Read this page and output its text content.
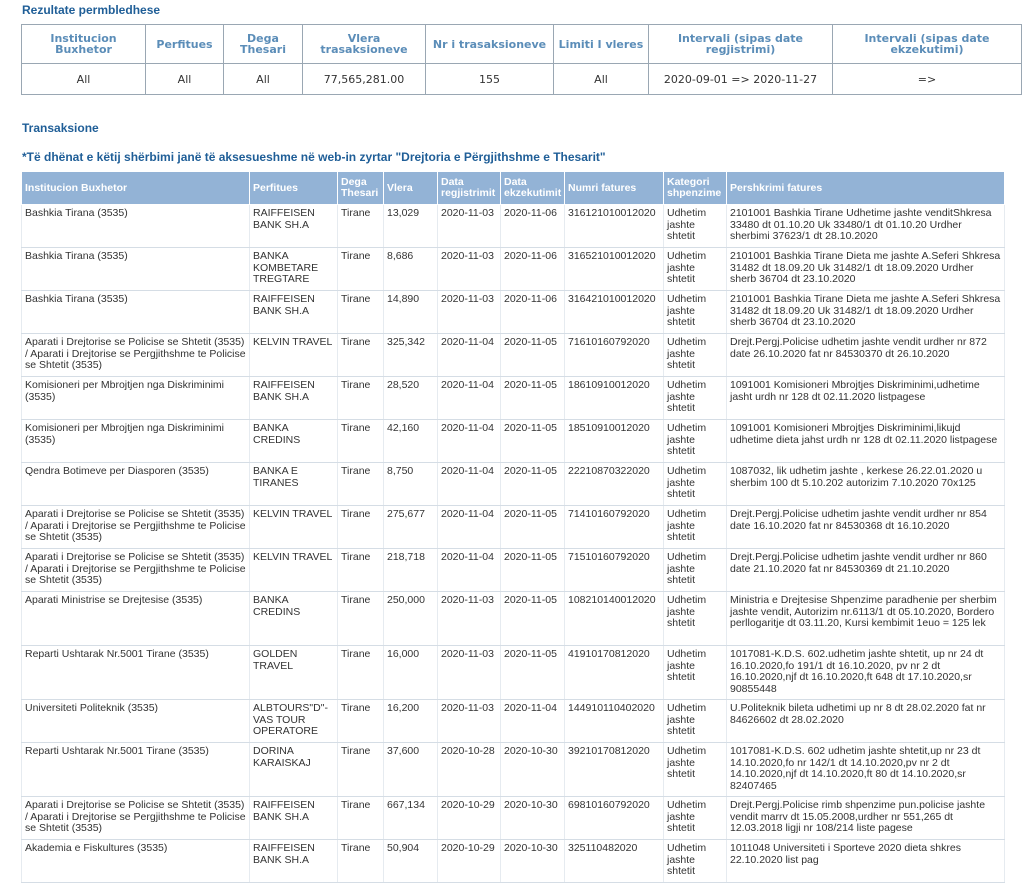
Rezultate permbledhese
Institucion Buxhetor	Perfitues	Dega Thesari	Vlera trasaksioneve	Nr i trasaksioneve	Limiti I vleres	Intervali (sipas date regjistrimi)	Intervali (sipas date ekzekutimi)
All	All	All	77,565,281.00	155	All	2020-09-01 => 2020-11-27	=>
Transaksione
*Të dhënat e këtij shërbimi janë të aksesueshme në web-in zyrtar "Drejtoria e Përgjithshme e Thesarit"
Institucion Buxhetor	Perfitues	Dega Thesari	Vlera	Data regjistrimit	Data ekzekutimit	Numri fatures	Kategori shpenzime	Pershkrimi fatures
Bashkia Tirana (3535)	RAIFFEISEN BANK SH.A	Tirane	13,029	2020-11-03	2020-11-06	316121010012020	Udhetim jashte shtetit	2101001 Bashkia Tirane Udhetime jashte venditShkresa 33480 dt 01.10.20 Uk 33480/1 dt 01.10.20 Urdher sherbimi 37623/1 dt 28.10.2020
Bashkia Tirana (3535)	BANKA KOMBETARE TREGTARE	Tirane	8,686	2020-11-03	2020-11-06	316521010012020	Udhetim jashte shtetit	2101001 Bashkia Tirane Dieta me jashte A.Seferi Shkresa 31482 dt 18.09.20 Uk 31482/1 dt 18.09.2020 Urdher sherb 36704 dt 23.10.2020
Bashkia Tirana (3535)	RAIFFEISEN BANK SH.A	Tirane	14,890	2020-11-03	2020-11-06	316421010012020	Udhetim jashte shtetit	2101001 Bashkia Tirane Dieta me jashte A.Seferi Shkresa 31482 dt 18.09.20 Uk 31482/1 dt 18.09.2020 Urdher sherb 36704 dt 23.10.2020
Aparati i Drejtorise se Policise se Shtetit (3535) / Aparati i Drejtorise se Pergjithshme te Policise se Shtetit (3535)	KELVIN TRAVEL	Tirane	325,342	2020-11-04	2020-11-05	71610160792020	Udhetim jashte shtetit	Drejt.Pergj.Policise udhetim jashte vendit urdher nr 872 date 26.10.2020 fat nr 84530370 dt 26.10.2020
Komisioneri per Mbrojtjen nga Diskriminimi (3535)	RAIFFEISEN BANK SH.A	Tirane	28,520	2020-11-04	2020-11-05	18610910012020	Udhetim jashte shtetit	1091001 Komisioneri Mbrojtjes Diskriminimi,udhetime jasht urdh nr 128 dt 02.11.2020 listpagese
Komisioneri per Mbrojtjen nga Diskriminimi (3535)	BANKA CREDINS	Tirane	42,160	2020-11-04	2020-11-05	18510910012020	Udhetim jashte shtetit	1091001 Komisioneri Mbrojtjes Diskriminimi,likujd udhetime dieta jahst urdh nr 128 dt 02.11.2020 listpagese
Qendra Botimeve per Diasporen (3535)	BANKA E TIRANES	Tirane	8,750	2020-11-04	2020-11-05	22210870322020	Udhetim jashte shtetit	1087032, lik udhetim jashte , kerkese 26.22.01.2020 u sherbim 100 dt 5.10.202 autorizim 7.10.2020 70x125
Aparati i Drejtorise se Policise se Shtetit (3535) / Aparati i Drejtorise se Pergjithshme te Policise se Shtetit (3535)	KELVIN TRAVEL	Tirane	275,677	2020-11-04	2020-11-05	71410160792020	Udhetim jashte shtetit	Drejt.Pergj.Policise udhetim jashte vendit urdher nr 854 date 16.10.2020 fat nr 84530368 dt 16.10.2020
Aparati i Drejtorise se Policise se Shtetit (3535) / Aparati i Drejtorise se Pergjithshme te Policise se Shtetit (3535)	KELVIN TRAVEL	Tirane	218,718	2020-11-04	2020-11-05	71510160792020	Udhetim jashte shtetit	Drejt.Pergj.Policise udhetim jashte vendit urdher nr 860 date 21.10.2020 fat nr 84530369 dt 21.10.2020
Aparati Ministrise se Drejtesise (3535)	BANKA CREDINS	Tirane	250,000	2020-11-03	2020-11-05	108210140012020	Udhetim jashte shtetit	Ministria e Drejtesise Shpenzime paradhenie per sherbim jashte vendit, Autorizim nr.6113/1 dt 05.10.2020, Bordero perllogaritje dt 03.11.20, Kursi kembimit 1euo = 125 lek
Reparti Ushtarak Nr.5001 Tirane (3535)	GOLDEN TRAVEL	Tirane	16,000	2020-11-03	2020-11-05	41910170812020	Udhetim jashte shtetit	1017081-K.D.S. 602.udhetim jashte shtetit, up nr 24 dt 16.10.2020,fo 191/1 dt 16.10.2020, pv nr 2 dt 16.10.2020,njf dt 16.10.2020,ft 648 dt 17.10.2020,sr 90855448
Universiteti Politeknik (3535)	ALBTOURS"D"-VAS TOUR OPERATORE	Tirane	16,200	2020-11-03	2020-11-04	144910110402020	Udhetim jashte shtetit	U.Politeknik bileta udhetimi up nr 8 dt 28.02.2020 fat nr 84626602 dt 28.02.2020
Reparti Ushtarak Nr.5001 Tirane (3535)	DORINA KARAISKAJ	Tirane	37,600	2020-10-28	2020-10-30	39210170812020	Udhetim jashte shtetit	1017081-K.D.S. 602 udhetim jashte shtetit,up nr 23 dt 14.10.2020,fo nr 142/1 dt 14.10.2020,pv nr 2 dt 14.10.2020,njf dt 14.10.2020,ft 80 dt 14.10.2020,sr 82407465
Aparati i Drejtorise se Policise se Shtetit (3535) / Aparati i Drejtorise se Pergjithshme te Policise se Shtetit (3535)	RAIFFEISEN BANK SH.A	Tirane	667,134	2020-10-29	2020-10-30	69810160792020	Udhetim jashte shtetit	Drejt.Pergj.Policise rimb shpenzime pun.policise jashte vendit marrv dt 15.05.2008,urdher nr 551,265 dt 12.03.2018 ligji nr 108/214 liste pagese
Akademia e Fiskultures (3535)	RAIFFEISEN BANK SH.A	Tirane	50,904	2020-10-29	2020-10-30	325110482020	Udhetim jashte shtetit	1011048 Universiteti i Sporteve 2020 dieta shkres 22.10.2020 list pag
